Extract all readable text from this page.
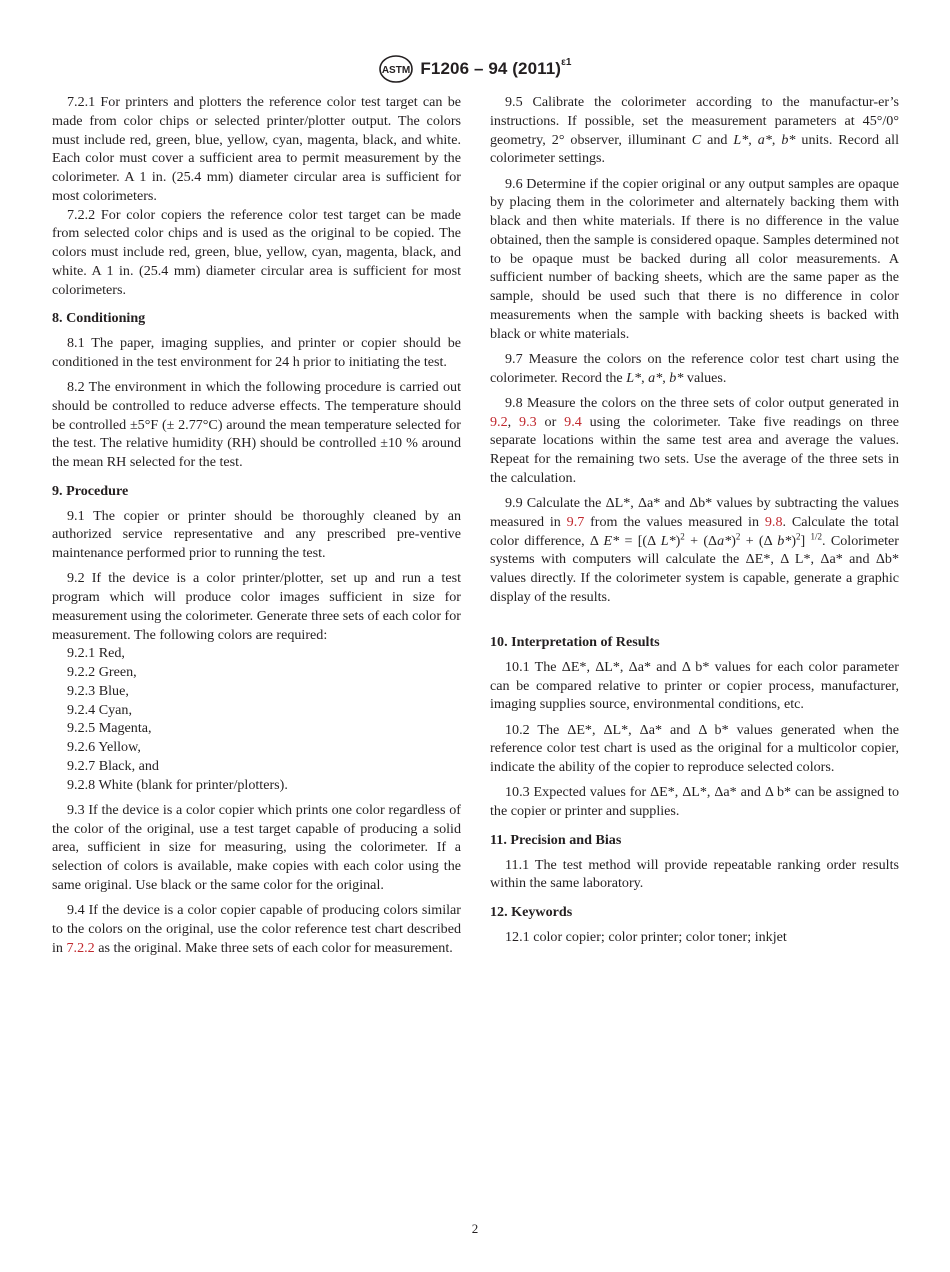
ASTM F1206 – 94 $(2011)^{\varepsilon 1}$

7.2.1 For printers and plotters the reference color test target can be made from color chips or selected printer/plotter output. The colors must include red, green, blue, yellow, cyan, magenta, black, and white. Each color must cover a sufficient area to permit measurement by the colorimeter. A 1 in. (25.4 mm) diameter circular area is sufficient for most colorimeters.

7.2.2 For color copiers the reference color test target can be made from selected color chips and is used as the original to be copied. The colors must include red, green, blue, yellow, cyan, magenta, black, and white. A 1 in. (25.4 mm) diameter circular area is sufficient for most colorimeters.

8. Conditioning

8.1 The paper, imaging supplies, and printer or copier should be conditioned in the test environment for 24 h prior to initiating the test.

8.2 The environment in which the following procedure is carried out should be controlled to reduce adverse effects. The temperature should be controlled ±5°F (± 2.77°C) around the mean temperature selected for the test. The relative humidity (RH) should be controlled ±10 % around the mean RH selected for the test.

9. Procedure

9.1 The copier or printer should be thoroughly cleaned by an authorized service representative and any prescribed pre-ventive maintenance performed prior to running the test.

9.2 If the device is a color printer/plotter, set up and run a test program which will produce color images sufficient in size for measurement using the colorimeter. Generate three sets of each color for measurement. The following colors are required:

9.2.1 Red,

9.2.2 Green,

9.2.3 Blue,

9.2.4 Cyan,

9.2.5 Magenta,

9.2.6 Yellow,

9.2.7 Black, and

9.2.8 White (blank for printer/plotters).

9.3 If the device is a color copier which prints one color regardless of the color of the original, use a test target capable of producing a solid area, sufficient in size for measuring, using the colorimeter. If a selection of colors is available, make copies with each color using the same original. Use black or the same color for the original.

9.4 If the device is a color copier capable of producing colors similar to the colors on the original, use the color reference test chart described in 7.2.2 as the original. Make three sets of each color for measurement.

9.5 Calibrate the colorimeter according to the manufactur-er’s instructions. If possible, set the measurement parameters at 45°/0° geometry, 2° observer, illuminant C and L*, a*, b* units. Record all colorimeter settings.

9.6 Determine if the copier original or any output samples are opaque by placing them in the colorimeter and alternately backing them with black and then white materials. If there is no difference in the value obtained, then the sample is considered opaque. Samples determined not to be opaque must be backed during all color measurements. A sufficient number of backing sheets, which are the same paper as the sample, should be used such that there is no difference in color measurements when the sample with backing sheets is backed with black or white materials.

9.7 Measure the colors on the reference color test chart using the colorimeter. Record the L*, a*, b* values.

9.8 Measure the colors on the three sets of color output generated in 9.2, 9.3 or 9.4 using the colorimeter. Take five readings on three separate locations within the same test area and average the values. Repeat for the remaining two sets. Use the average of the three sets in the calculation.

9.9 Calculate the ΔL*, Δa* and Δb* values by subtracting the values measured in 9.7 from the values measured in 9.8. Calculate the total color difference, Δ E* = [(Δ $L*)^2 + (\Delta a*)^2 + (\Delta$ b*)$^2$] $^{1/2}$. Colorimeter systems with computers will calculate the ΔE*, Δ L*, Δa* and Δb* values directly. If the colorimeter system is capable, generate a graphic display of the results.

10. Interpretation of Results

10.1 The ΔE*, ΔL*, Δa* and Δ b* values for each color parameter can be compared relative to printer or copier process, manufacturer, imaging supplies source, environmental conditions, etc.

10.2 The ΔE*, ΔL*, Δa* and Δ b* values generated when the reference color test chart is used as the original for a multicolor copier, indicate the ability of the copier to reproduce selected colors.

10.3 Expected values for ΔE*, ΔL*, Δa* and Δ b* can be assigned to the copier or printer and supplies.

11. Precision and Bias

11.1 The test method will provide repeatable ranking order results within the same laboratory.

12. Keywords

12.1 color copier; color printer; color toner; inkjet

2
